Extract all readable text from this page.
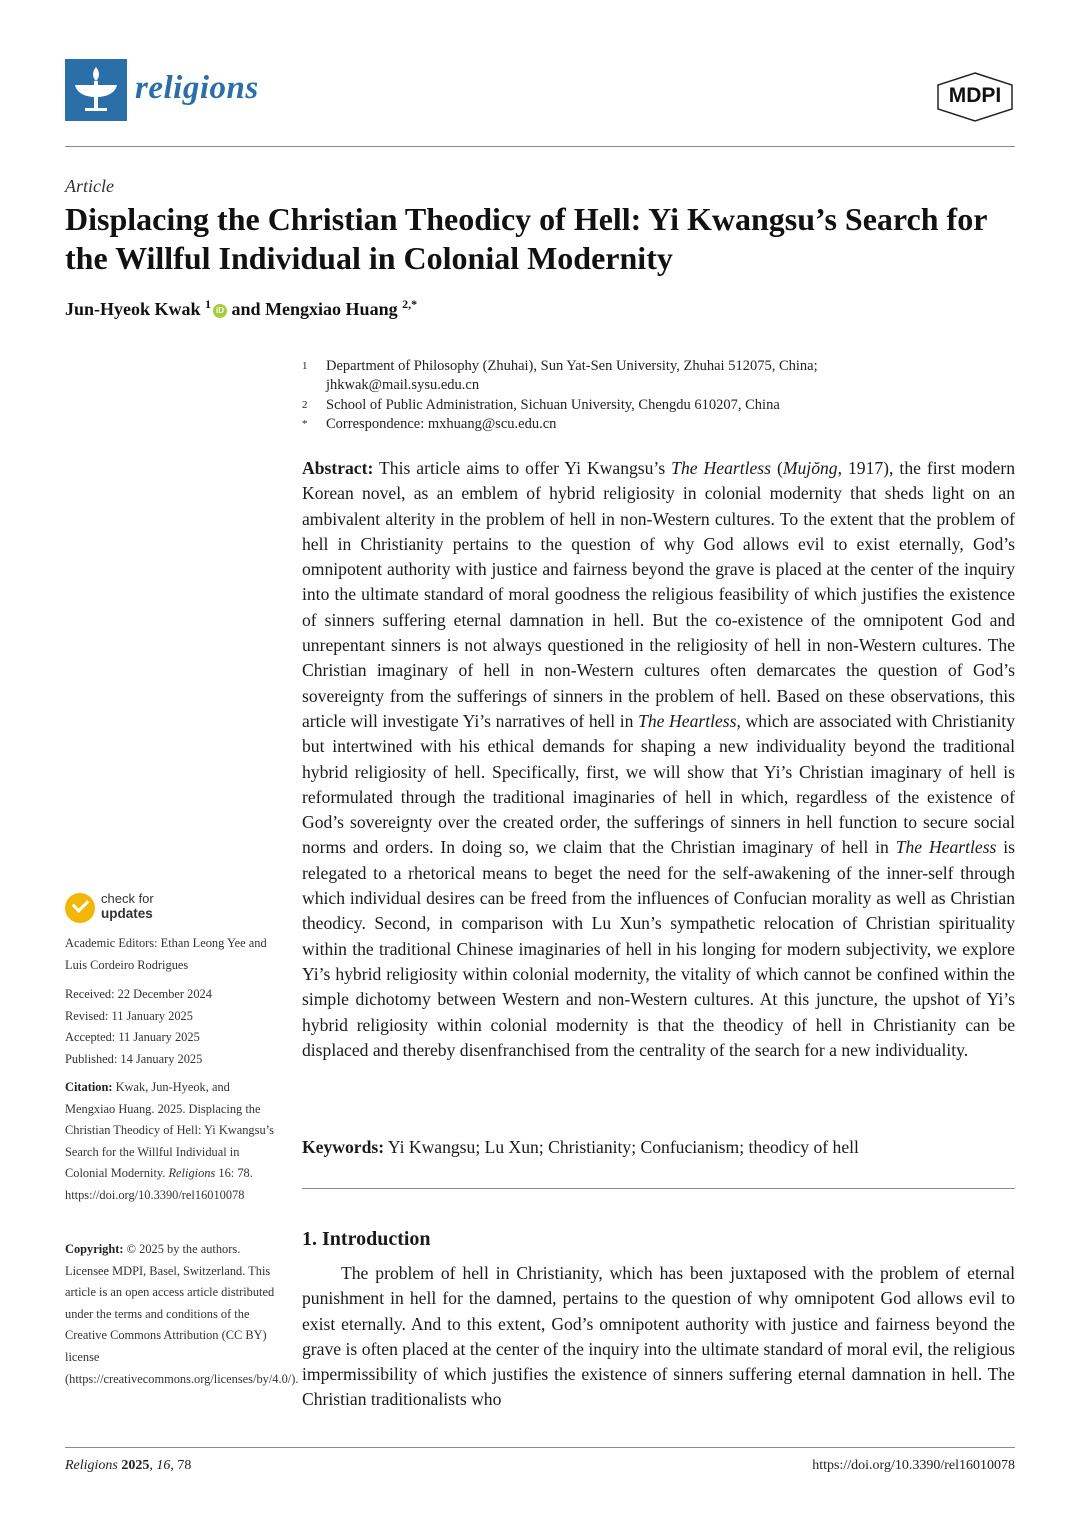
religions	MDPI
Article
Displacing the Christian Theodicy of Hell: Yi Kwangsu’s Search for the Willful Individual in Colonial Modernity
Jun-Hyeok Kwak $^1$ iD and Mengxiao Huang $^{2,*}$
1 Department of Philosophy (Zhuhai), Sun Yat-Sen University, Zhuhai 512075, China;
jhkwak@mail.sysu.edu.cn
2 School of Public Administration, Sichuan University, Chengdu 610207, China
* Correspondence: mxhuang@scu.edu.cn
Abstract: This article aims to offer Yi Kwangsu’s The Heartless (Mujŏng, 1917), the first modern Korean novel, as an emblem of hybrid religiosity in colonial modernity that sheds light on an ambivalent alterity in the problem of hell in non-Western cultures. To the extent that the problem of hell in Christianity pertains to the question of why God allows evil to exist eternally, God’s omnipotent authority with justice and fairness beyond the grave is placed at the center of the inquiry into the ultimate standard of moral goodness the religious feasibility of which justifies the existence of sinners suffering eternal damnation in hell. But the co-existence of the omnipotent God and unrepentant sinners is not always questioned in the religiosity of hell in non-Western cultures. The Christian imaginary of hell in non-Western cultures often demarcates the question of God’s sovereignty from the sufferings of sinners in the problem of hell. Based on these observations, this article will investigate Yi’s narratives of hell in The Heartless, which are associated with Christianity but intertwined with his ethical demands for shaping a new individuality beyond the traditional hybrid religiosity of hell. Specifically, first, we will show that Yi’s Christian imaginary of hell is reformulated through the traditional imaginaries of hell in which, regardless of the existence of God’s sovereignty over the created order, the sufferings of sinners in hell function to secure social norms and orders. In doing so, we claim that the Christian imaginary of hell in The Heartless is relegated to a rhetorical means to beget the need for the self-awakening of the inner-self through which individual desires can be freed from the influences of Confucian morality as well as Christian theodicy. Second, in comparison with Lu Xun’s sympathetic relocation of Christian spirituality within the traditional Chinese imaginaries of hell in his longing for modern subjectivity, we explore Yi’s hybrid religiosity within colonial modernity, the vitality of which cannot be confined within the simple dichotomy between Western and non-Western cultures. At this juncture, the upshot of Yi’s hybrid religiosity within colonial modernity is that the theodicy of hell in Christianity can be displaced and thereby disenfranchised from the centrality of the search for a new individuality.
Keywords: Yi Kwangsu; Lu Xun; Christianity; Confucianism; theodicy of hell
1. Introduction
The problem of hell in Christianity, which has been juxtaposed with the problem of eternal punishment in hell for the damned, pertains to the question of why omnipotent God allows evil to exist eternally. And to this extent, God’s omnipotent authority with justice and fairness beyond the grave is often placed at the center of the inquiry into the ultimate standard of moral evil, the religious impermissibility of which justifies the existence of sinners suffering eternal damnation in hell. The Christian traditionalists who
check for
updates
Academic Editors: Ethan Leong Yee and Luis Cordeiro Rodrigues
Received: 22 December 2024
Revised: 11 January 2025
Accepted: 11 January 2025
Published: 14 January 2025
Citation: Kwak, Jun-Hyeok, and Mengxiao Huang. 2025. Displacing the Christian Theodicy of Hell: Yi Kwangsu’s Search for the Willful Individual in Colonial Modernity. Religions 16: 78. https://doi.org/10.3390/rel16010078
Copyright: © 2025 by the authors. Licensee MDPI, Basel, Switzerland. This article is an open access article distributed under the terms and conditions of the Creative Commons Attribution (CC BY) license (https://creativecommons.org/licenses/by/4.0/).
Religions 2025, 16, 78	https://doi.org/10.3390/rel16010078
